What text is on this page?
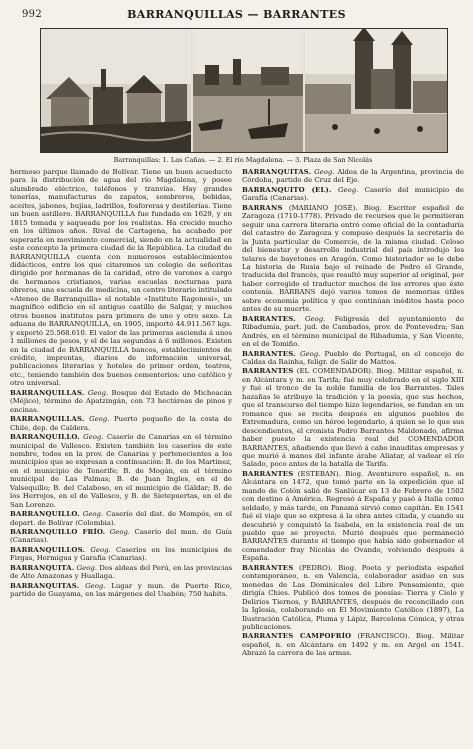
992	BARRANQUILLAS — BARRANTES
Barranquillas: 1. Las Cañas. — 2. El río Magdalena. — 3. Plaza de San Nicolás

hermoso parque llamado de Bolívar. Tiene un buen acueducto para la distribución de agua del río Magdalena, y posee alumbrado eléctrico, teléfonos y tranvías. Hay grandes tenerías, manufacturas de zapatos, sombreros, bebidas, aceites, jabones, bujías, ladrillos, fosforeras y destilerías. Tiene un buen astillero. BARRANQUILLA fue fundada en 1629, y en 1815 tomada y saqueada por los realistas. Ha crecido mucho en los últimos años. Rival de Cartagena, ha acabado por superarla en movimiento comercial, siendo en la actualidad en este concepto la primera ciudad de la República. La ciudad de BARRANQUILLA cuenta con numerosos establecimientos didácticos, entre los que citaremos un colegio de señoritas dirigido por hermanas de la caridad, otro de varones a cargo de hermanos cristianos, varias escuelas nocturnas para obreros, una escuela de medicina, un centro literario intitulado «Ateneo de Barranquilla» el notable «Instituto Ragonesi», un magnífico edificio en el antiguo castillo de Salgar, y muchos otros buenos institutos para primera de uno y otro sexo. La aduana de BARRANQUILLA, en 1905, importó 44.911.567 kgs. y exportó 25.568.610. El valor de las primeras ascienda á unos 1 millones de pesos, y el de las segundas á 6 millones. Existen en la ciudad de BARRANQUILLA bancos, establecimientos de crédito, imprentas, diarios de información universal, publicaciones literarias y hoteles de primer orden, teatros, etc., teniendo también dos buenos cementerios: uno católico y otro universal.

BARRANQUILLAS. Geog. Bosque del Estado de Michoacán (Méjico), término de Apatzingán, con 73 hectáreas de pinos y encinas.

BARRANQUILLAS. Geog. Puerto pequeño de la costa de Chile, dep. de Caldera.

BARRANQUILLO. Geog. Caserío de Canarias en el término municipal de Vallesco. Existen también los caseríos de este nombre, todos en la prov. de Canarias y pertenecientes a los municipios que se expresan a continuación: B. de los Martínez, en el municipio de Tenerife; B. de Mogán, en el término municipal de Las Palmas; B. de Juan Ingles, en el de Valsequillo; B. del Calaboso, en el municipio de Gáldar; B. de los Herrojos, en el de Vallesco, y B. de Sietepuertas, en el de San Lorenzo.

BARRANQUILLO. Geog. Caserío del dist. de Mompós, en el depart. de Bolívar (Colombia).

BARRANQUILLO FRÍO. Geog. Caserío del mun. de Guía (Canarias).

BARRANQUILLOS. Geog. Caseríos en los municipios de Firgas, Hermigua y Garafía (Canarias).

BARRANQUITA. Geog. Dos aldeas del Perú, en las provincias de Alto Amazonas y Huallaga.

BARRANQUITAS. Geog. Lugar y mun. de Puerto Rico, partido de Guayama, en las márgenes del Usabón; 750 habits.

BARRANQUITAS. Geog. Aldea de la Argentina, provincia de Córdoba, partido de Cruz del Eje.

BARRANQUITO (EL). Geog. Caserío del municipio de Garafía (Canarias).

BARRANS (MARIANO JOSÉ). Biog. Escritor español de Zaragoza (1710-1778). Privado de recursos que le permitieran seguir una carrera literaria entró como oficial de la contaduría del catastro de Zaragoza y compuso después la secretaría de la Junta particular de Comercio, de la misma ciudad. Celoso del bienestar y desarrollo industrial del país introdujo los telares de bayetones en Aragón. Como historiador se le debe La historia de Rusia bajo el reinado de Pedro el Grande, traducida del francés, que resultó muy superior al original, por haber corregido el traductor muchos de los errores que éste contenía. BARRANS dejó varios tomos de memorias útiles sobre economía política y que continúan inéditos hasta poco antes de su muerte.

BARRANTES. Geog. Feligresía del ayuntamiento de Ribadumia, part. jud. de Cambados, prov. de Pontevedra; San Andrés, en el término municipal de Ribadumia, y San Vicente, en el de Tomiño.

BARRANTES. Geog. Pueblo de Portugal, en el concejo de Caldas da Rainha, feligr. de Salir de Mattos.

BARRANTES (EL COMENDADOR). Biog. Militar español, n. en Alcántara y m. en Tarifa; fué muy celebrado en el siglo XIII y fué el tronco de la noble familia de los Barrantes. Tales hazañas le atribuye la tradición y la poesía, que sus hechos, que el transcurso del tiempo hizo legendarios, se fundan en un romance que se recita después en algunos pueblos de Extremadura, como un héroe legendario, á quien se lo que sus descendientes, el cronista Pedro Barrantes Maldonado, afirma haber puesto la existencia real del COMENDADOR BARRANTES, añadiendo que llevó á cabo inauditas empresas y que murió á manos del infante árabe Aliatar, al vadear el río Salado, poco antes de la batalla de Tarifa.

BARRANTES (ESTEBAN). Biog. Aventurero español, n. en Alcántara en 1472, que tomó parte en la expedición que al mando de Colón salió de Sanlúcar en 13 de Febrero de 1502 con destino á América. Regresó á España y pasó á Italia como soldado, y más tarde, en Panamá sirvió como capitán. En 1541 fué el viaje que se expresa á la obra antes citada, y cuando su descubrió y conquistó la Isabela, en la existencia real de un pueblo que se proyecto. Murió después que permaneció BARRANTES durante el tiempo que había sido gobernador el comendador fray Nicolás de Ovando, volviendo después á España.

BARRANTES (PEDRO). Biog. Poeta y periodista español contemporáneo, n. en Valencia, colaborador asiduo en sus monedas de Las Dominicales del Libre Pensamiento, que dirigía Chies. Publicó dos tomos de poesías: Tierra y Cielo y Delirios Tiernos, y BARRANTES, después de reconciliado con la Iglesia, colaborando en El Movimiento Católico (1897), La Ilustración Católica, Pluma y Lápiz, Barcelona Cómica, y otras publicaciones.

BARRANTES CAMPOFRÍO (FRANCISCO). Biog. Militar español, n. en Alcántara en 1492 y m. en Argel en 1541. Abrazó la carrera de las armas.
